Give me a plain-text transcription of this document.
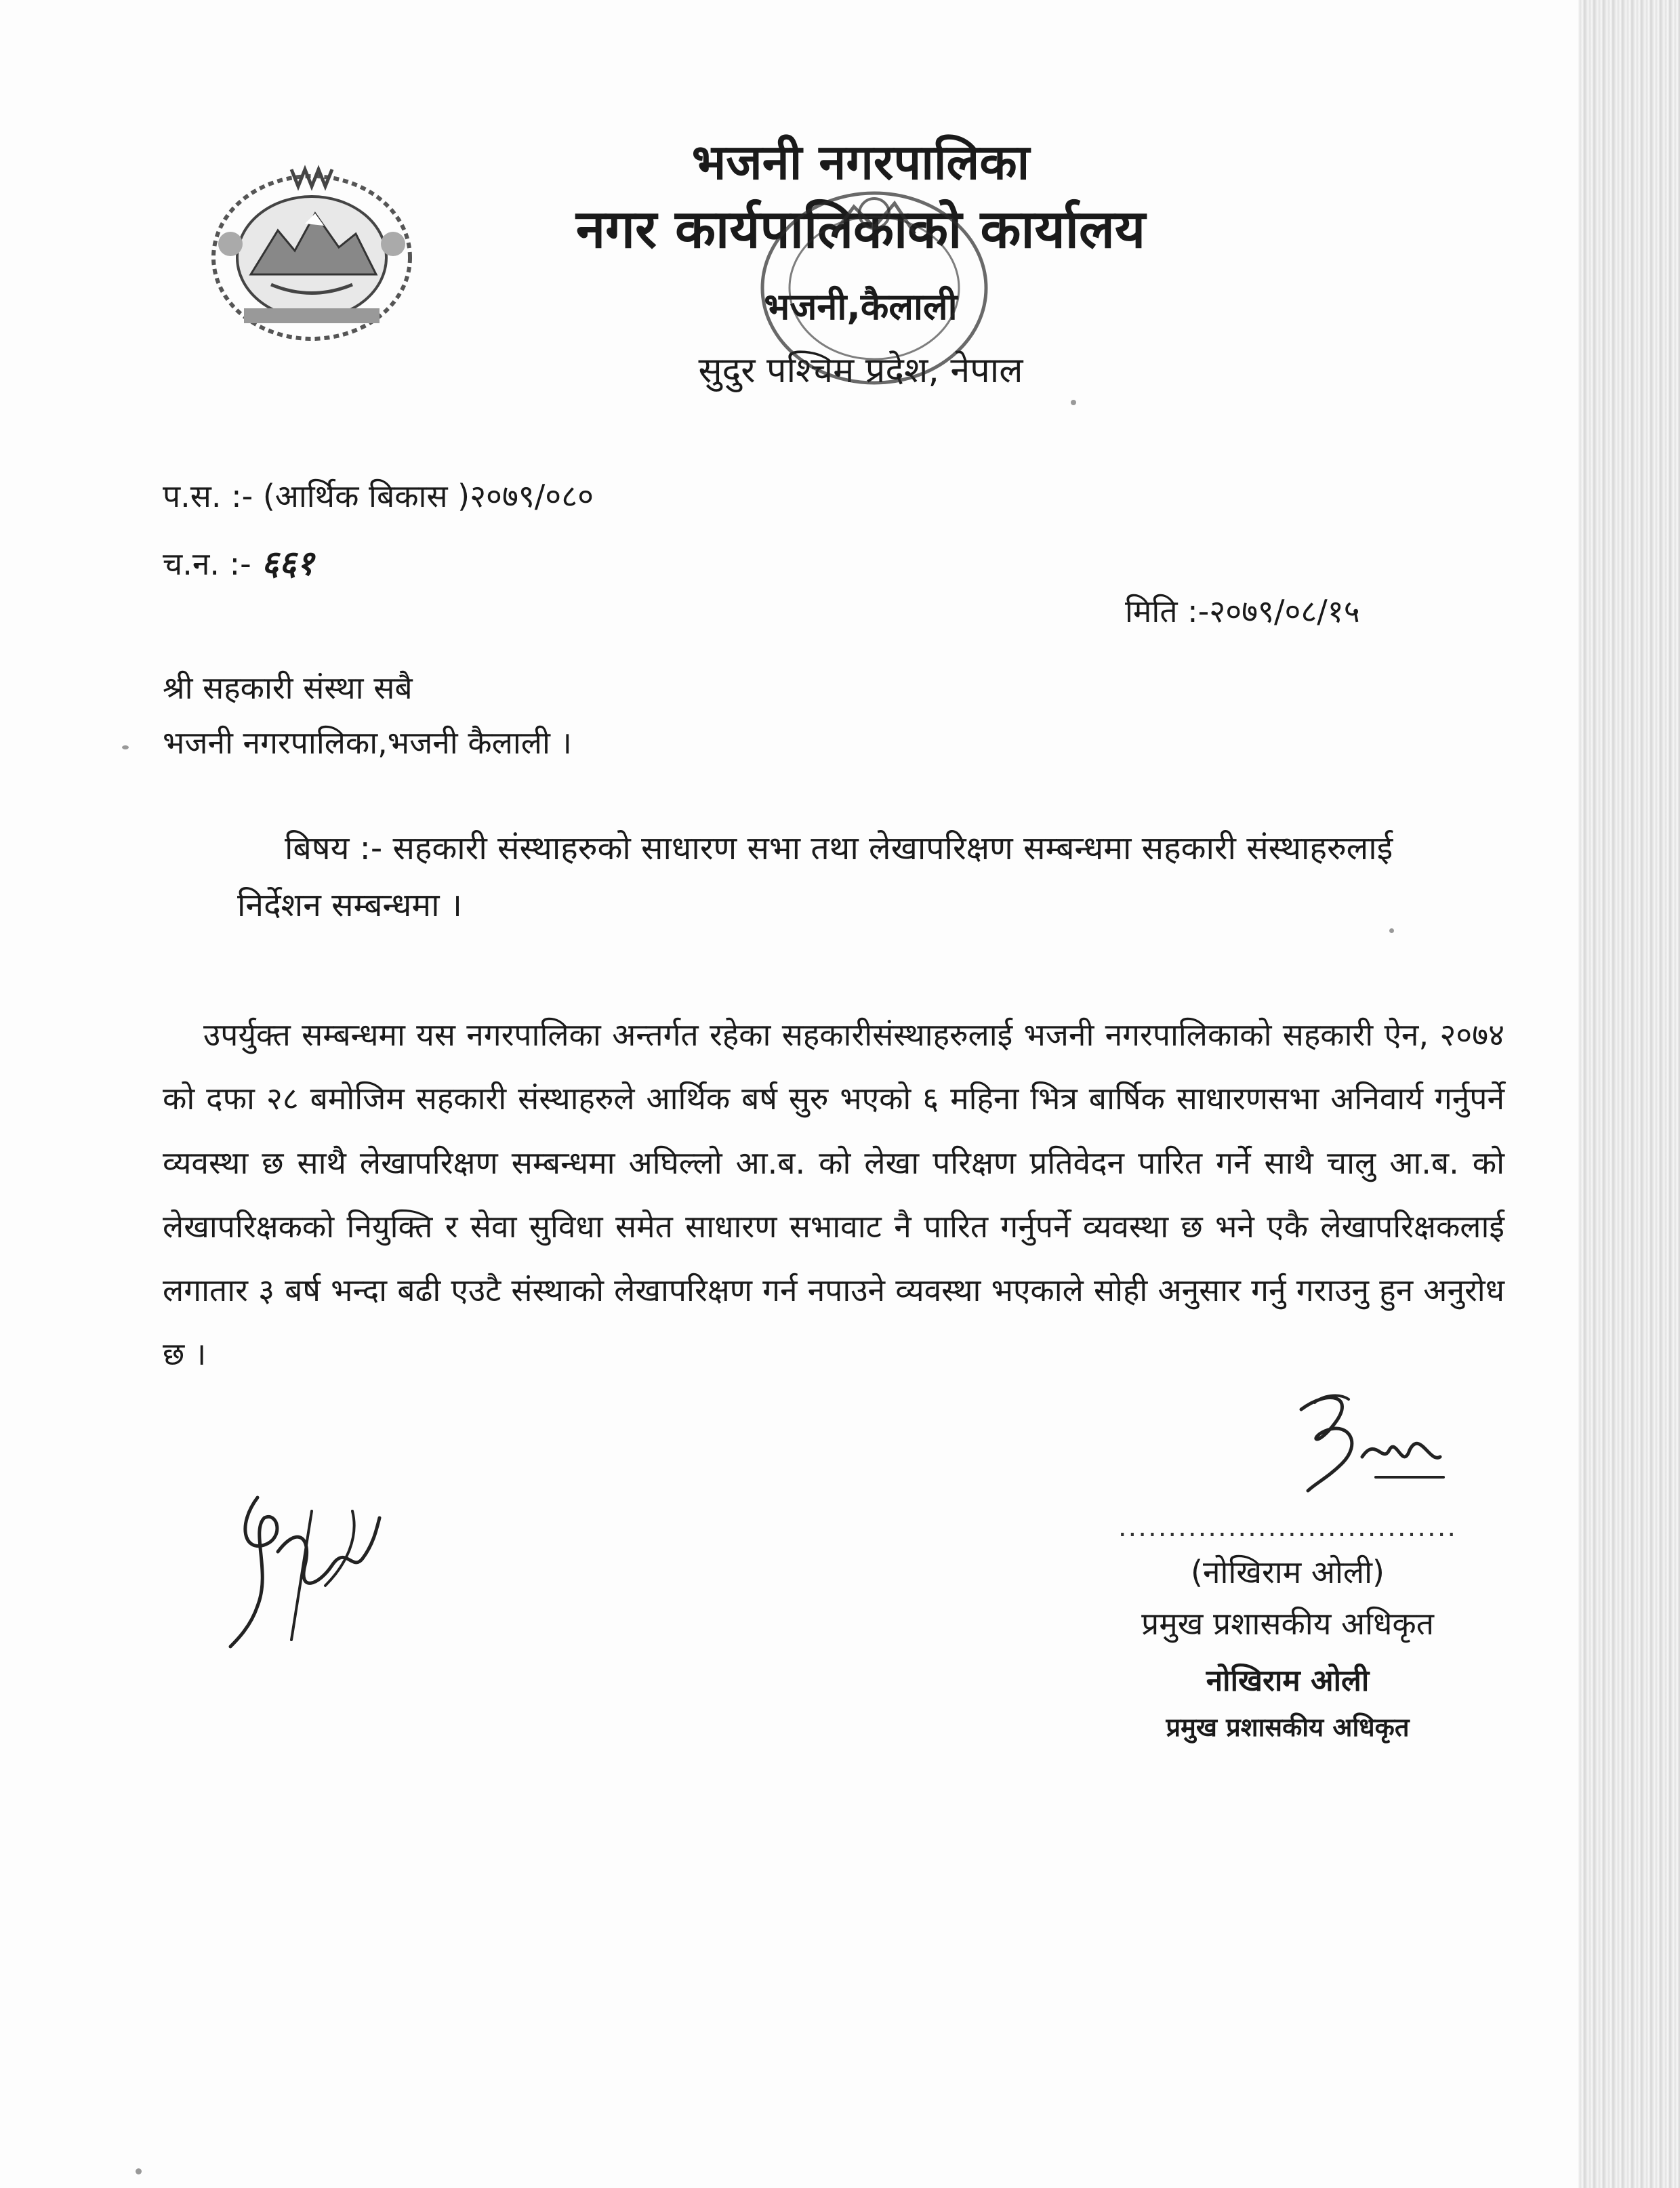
भजनी नगरपालिका
नगर कार्यपालिकाको कार्यालय
भजनी,कैलाली
सुदुर पश्चिम प्रदेश, नेपाल
प.स. :- (आर्थिक बिकास )२०७९/०८०
च.न. :- ६६१
मिति :-२०७९/०८/१५
श्री सहकारी संस्था सबै
भजनी नगरपालिका,भजनी कैलाली ।
बिषय :- सहकारी संस्थाहरुको साधारण सभा तथा लेखापरिक्षण सम्बन्धमा सहकारी संस्थाहरुलाई निर्देशन सम्बन्धमा ।
उपर्युक्त सम्बन्धमा यस नगरपालिका अन्तर्गत रहेका सहकारीसंस्थाहरुलाई भजनी नगरपालिकाको सहकारी ऐन, २०७४ को दफा २८ बमोजिम सहकारी संस्थाहरुले आर्थिक बर्ष सुरु भएको ६ महिना भित्र बार्षिक साधारणसभा अनिवार्य गर्नुपर्ने व्यवस्था छ साथै लेखापरिक्षण सम्बन्धमा अघिल्लो आ.ब. को लेखा परिक्षण प्रतिवेदन पारित गर्ने साथै चालु आ.ब. को लेखापरिक्षकको नियुक्ति र सेवा सुविधा समेत साधारण सभावाट नै पारित गर्नुपर्ने व्यवस्था छ भने एकै लेखापरिक्षकलाई लगातार ३ बर्ष भन्दा बढी एउटै संस्थाको लेखापरिक्षण गर्न नपाउने व्यवस्था भएकाले सोही अनुसार गर्नु गराउनु हुन अनुरोध छ ।
..................................
(नोखिराम ओली)
प्रमुख प्रशासकीय अधिकृत
नोखिराम ओली
प्रमुख प्रशासकीय अधिकृत
